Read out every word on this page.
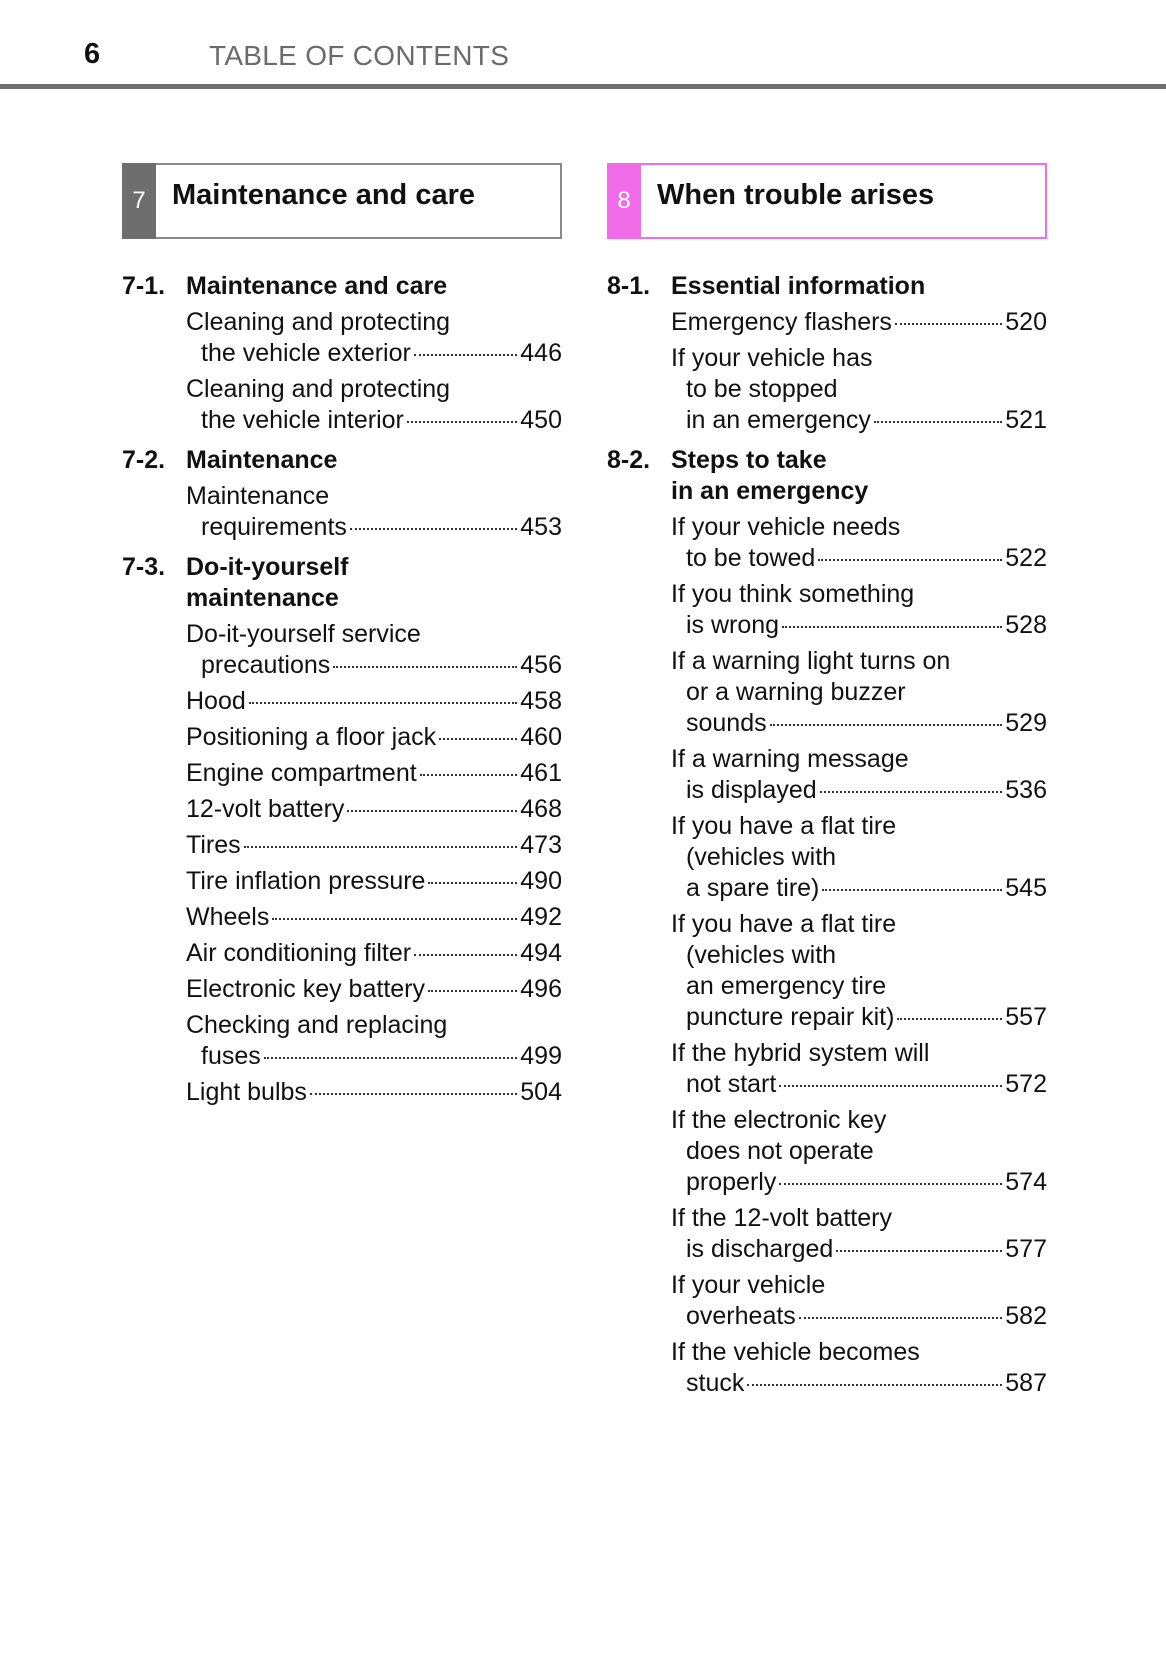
6	TABLE OF CONTENTS
7 Maintenance and care
7-1. Maintenance and care
Cleaning and protecting
the vehicle exterior	446
Cleaning and protecting
the vehicle interior	450
7-2. Maintenance
Maintenance
requirements	453
7-3. Do-it-yourself
maintenance
Do-it-yourself service
precautions	456
Hood	458
Positioning a floor jack	460
Engine compartment	461
12-volt battery	468
Tires	473
Tire inflation pressure	490
Wheels	492
Air conditioning filter	494
Electronic key battery	496
Checking and replacing
fuses	499
Light bulbs	504
8 When trouble arises
8-1. Essential information
Emergency flashers	520
If your vehicle has
to be stopped
in an emergency	521
8-2. Steps to take
in an emergency
If your vehicle needs
to be towed	522
If you think something
is wrong	528
If a warning light turns on
or a warning buzzer
sounds	529
If a warning message
is displayed	536
If you have a flat tire
(vehicles with
a spare tire)	545
If you have a flat tire
(vehicles with
an emergency tire
puncture repair kit)	557
If the hybrid system will
not start	572
If the electronic key
does not operate
properly	574
If the 12-volt battery
is discharged	577
If your vehicle
overheats	582
If the vehicle becomes
stuck	587
